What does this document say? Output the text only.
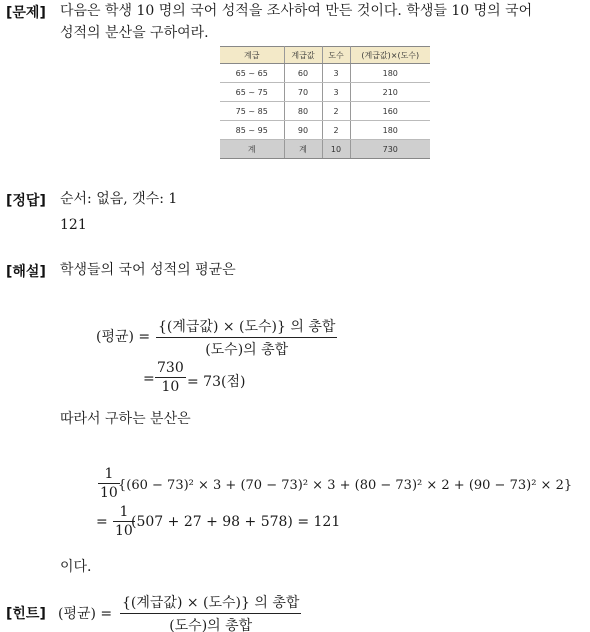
[문제] 다음은 학생 10 명의 국어 성적을 조사하여 만든 것이다. 학생들 10 명의 국어
성적의 분산을 구하여라.
계급	계급값	도수	(계급값)×(도수)
65 ~ 65	60	3	180
65 ~ 75	70	3	210
75 ~ 85	80	2	160
85 ~ 95	90	2	180
계	계	10	730
[정답] 순서: 없음, 갯수: 1
121
[해설] 학생들의 국어 성적의 평균은
(평균) =
{(계급값) × (도수)} 의 총합
(도수)의 총합
=
730
10 = 73(점)
따라서 구하는 분산은
1
10 {(60 − 73)² × 3 + (70 − 73)² × 3 + (80 − 73)² × 2 + (90 − 73)² × 2}
=
1
10
(507 + 27 + 98 + 578) = 121
이다.
[힌트] (평균) =
{(계급값) × (도수)} 의 총합
(도수)의 총합
